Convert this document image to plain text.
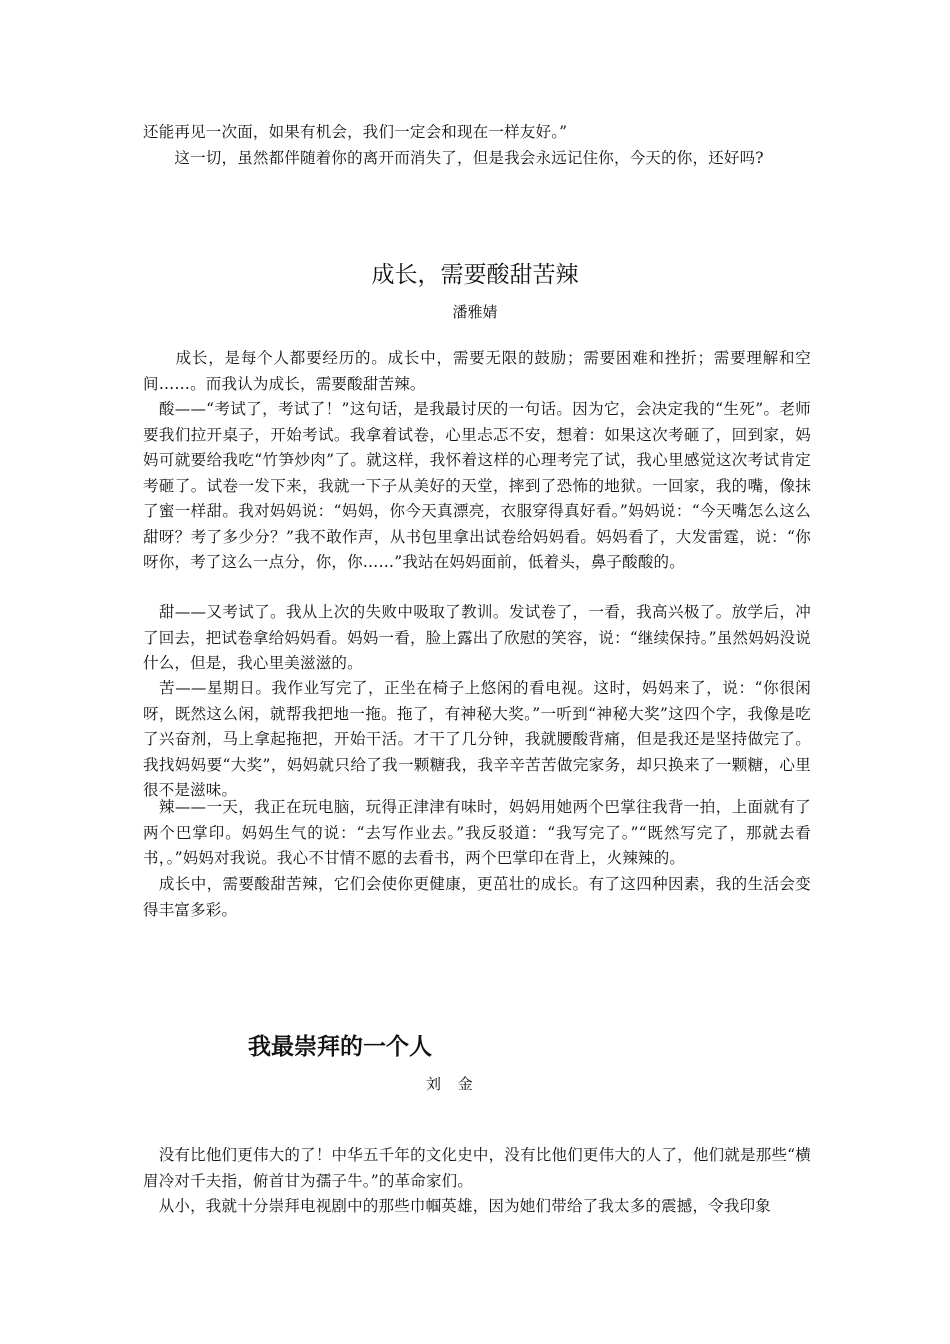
还能再见一次面，如果有机会，我们一定会和现在一样友好。”

　　这一切，虽然都伴随着你的离开而消失了，但是我会永远记住你，今天的你，还好吗?

成长，需要酸甜苦辣
潘雅婧

　　成长，是每个人都要经历的。成长中，需要无限的鼓励；需要困难和挫折；需要理解和空间……。而我认为成长，需要酸甜苦辣。

　酸——“考试了，考试了！”这句话，是我最讨厌的一句话。因为它，会决定我的“生死”。老师要我们拉开桌子，开始考试。我拿着试卷，心里忐忑不安，想着：如果这次考砸了，回到家，妈妈可就要给我吃“竹笋炒肉”了。就这样，我怀着这样的心理考完了试，我心里感觉这次考试肯定考砸了。试卷一发下来，我就一下子从美好的天堂，摔到了恐怖的地狱。一回家，我的嘴，像抹了蜜一样甜。我对妈妈说：“妈妈，你今天真漂亮，衣服穿得真好看。”妈妈说：“今天嘴怎么这么甜呀？考了多少分？”我不敢作声，从书包里拿出试卷给妈妈看。妈妈看了，大发雷霆，说：“你呀你，考了这么一点分，你，你……”我站在妈妈面前，低着头，鼻子酸酸的。

　甜——又考试了。我从上次的失败中吸取了教训。发试卷了，一看，我高兴极了。放学后，冲了回去，把试卷拿给妈妈看。妈妈一看，脸上露出了欣慰的笑容，说：“继续保持。”虽然妈妈没说什么，但是，我心里美滋滋的。

　苦——星期日。我作业写完了，正坐在椅子上悠闲的看电视。这时，妈妈来了，说：“你很闲呀，既然这么闲，就帮我把地一拖。拖了，有神秘大奖。”一听到“神秘大奖”这四个字，我像是吃了兴奋剂，马上拿起拖把，开始干活。才干了几分钟，我就腰酸背痛，但是我还是坚持做完了。我找妈妈要“大奖”，妈妈就只给了我一颗糖我，我辛辛苦苦做完家务，却只换来了一颗糖，心里很不是滋味。

　辣——一天，我正在玩电脑，玩得正津津有味时，妈妈用她两个巴掌往我背一拍，上面就有了两个巴掌印。妈妈生气的说：“去写作业去。”我反驳道：“我写完了。”“既然写完了，那就去看书，。”妈妈对我说。我心不甘情不愿的去看书，两个巴掌印在背上，火辣辣的。

　成长中，需要酸甜苦辣，它们会使你更健康，更茁壮的成长。有了这四种因素，我的生活会变得丰富多彩。

我最崇拜的一个人
刘 金

　没有比他们更伟大的了！中华五千年的文化史中，没有比他们更伟大的人了，他们就是那些“横眉冷对千夫指，俯首甘为孺子牛。”的革命家们。

　从小，我就十分崇拜电视剧中的那些巾帼英雄，因为她们带给了我太多的震撼，令我印象
